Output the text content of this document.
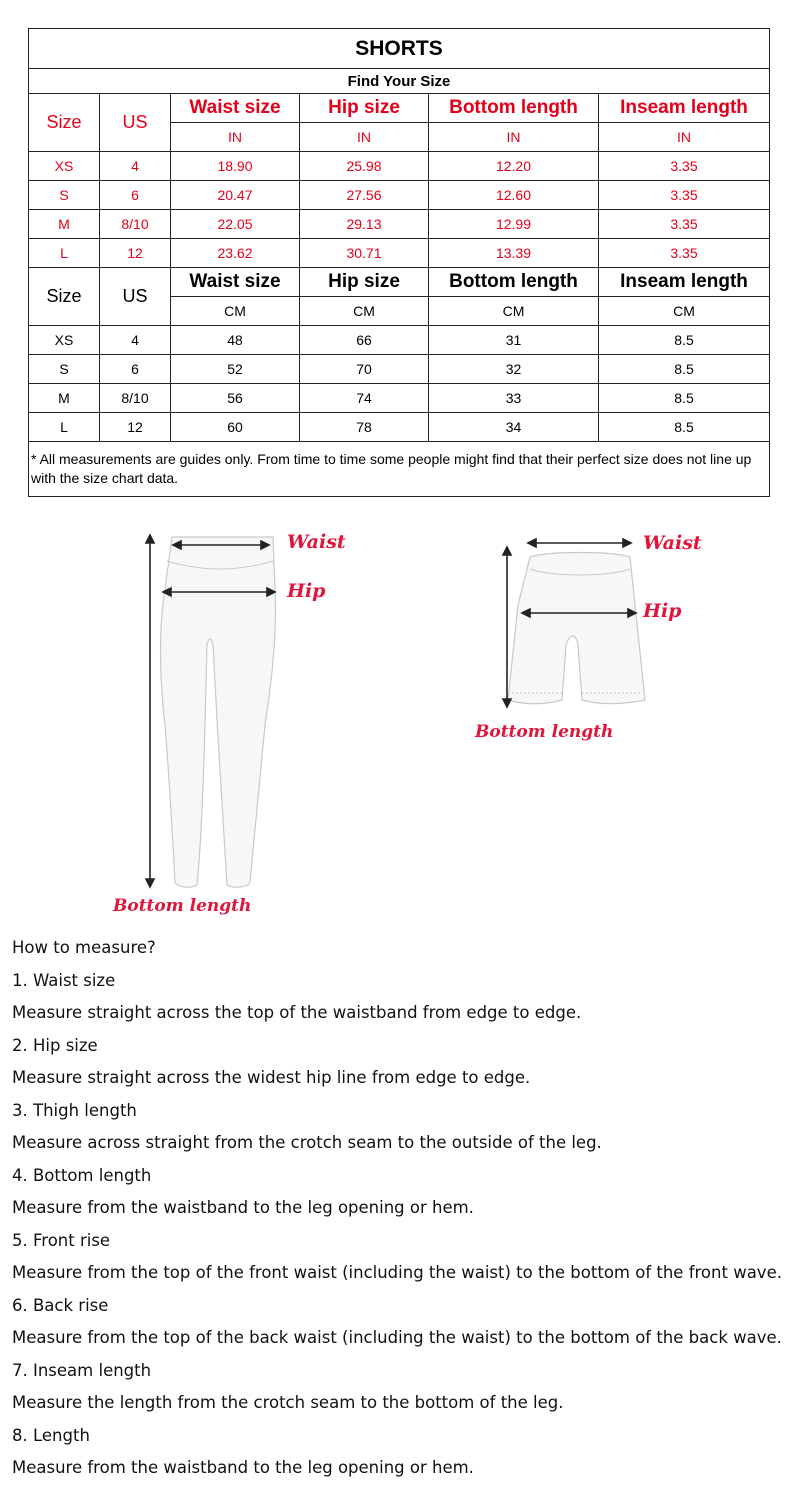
SHORTS					
Find Your Size					
Size	US	Waist size	Hip size	Bottom length	Inseam length
		IN	IN	IN	IN
XS	4	18.90	25.98	12.20	3.35
S	6	20.47	27.56	12.60	3.35
M	8/10	22.05	29.13	12.99	3.35
L	12	23.62	30.71	13.39	3.35
Size	US	Waist size	Hip size	Bottom length	Inseam length
		CM	CM	CM	CM
XS	4	48	66	31	8.5
S	6	52	70	32	8.5
M	8/10	56	74	33	8.5
L	12	60	78	34	8.5
* All measurements are guides only. From time to time some people might find that their perfect size does not line up with the size chart data.					
Waist
Hip
Bottom length
Waist
Hip
Bottom length
How to measure?
1. Waist size
Measure straight across the top of the waistband from edge to edge.
2. Hip size
Measure straight across the widest hip line from edge to edge.
3. Thigh length
Measure across straight from the crotch seam to the outside of the leg.
4. Bottom length
Measure from the waistband to the leg opening or hem.
5. Front rise
Measure from the top of the front waist (including the waist) to the bottom of the front wave.
6. Back rise
Measure from the top of the back waist (including the waist) to the bottom of the back wave.
7. Inseam length
Measure the length from the crotch seam to the bottom of the leg.
8. Length
Measure from the waistband to the leg opening or hem.
